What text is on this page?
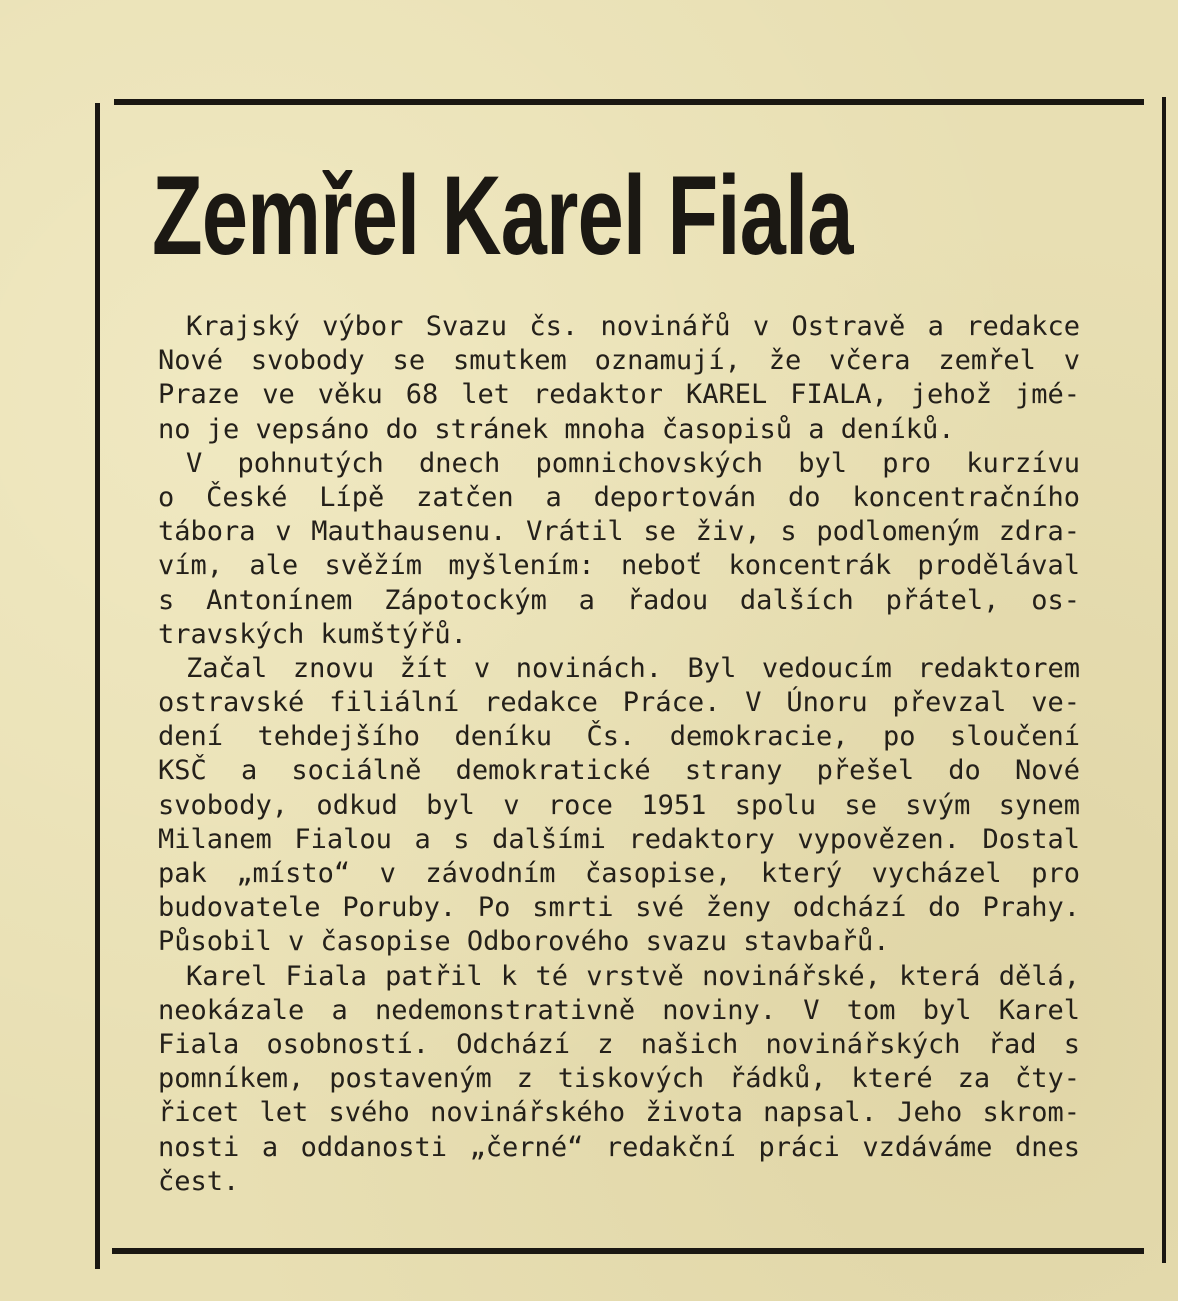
Zemřel Karel Fiala
Krajský výbor Svazu čs. novinářů v Ostravě a redakce
Nové svobody se smutkem oznamují, že včera zemřel v
Praze ve věku 68 let redaktor KAREL FIALA, jehož jmé-
no je vepsáno do stránek mnoha časopisů a deníků.
V pohnutých dnech pomnichovských byl pro kurzívu
o České Lípě zatčen a deportován do koncentračního
tábora v Mauthausenu. Vrátil se živ, s podlomeným zdra-
vím, ale svěžím myšlením: neboť koncentrák prodělával
s Antonínem Zápotockým a řadou dalších přátel, os-
travských kumštýřů.
Začal znovu žít v novinách. Byl vedoucím redaktorem
ostravské filiální redakce Práce. V Únoru převzal ve-
dení tehdejšího deníku Čs. demokracie, po sloučení
KSČ a sociálně demokratické strany přešel do Nové
svobody, odkud byl v roce 1951 spolu se svým synem
Milanem Fialou a s dalšími redaktory vypovězen. Dostal
pak „místo“ v závodním časopise, který vycházel pro
budovatele Poruby. Po smrti své ženy odchází do Prahy.
Působil v časopise Odborového svazu stavbařů.
Karel Fiala patřil k té vrstvě novinářské, která dělá,
neokázale a nedemonstrativně noviny. V tom byl Karel
Fiala osobností. Odchází z našich novinářských řad s
pomníkem, postaveným z tiskových řádků, které za čty-
řicet let svého novinářského života napsal. Jeho skrom-
nosti a oddanosti „černé“ redakční práci vzdáváme dnes
čest.
